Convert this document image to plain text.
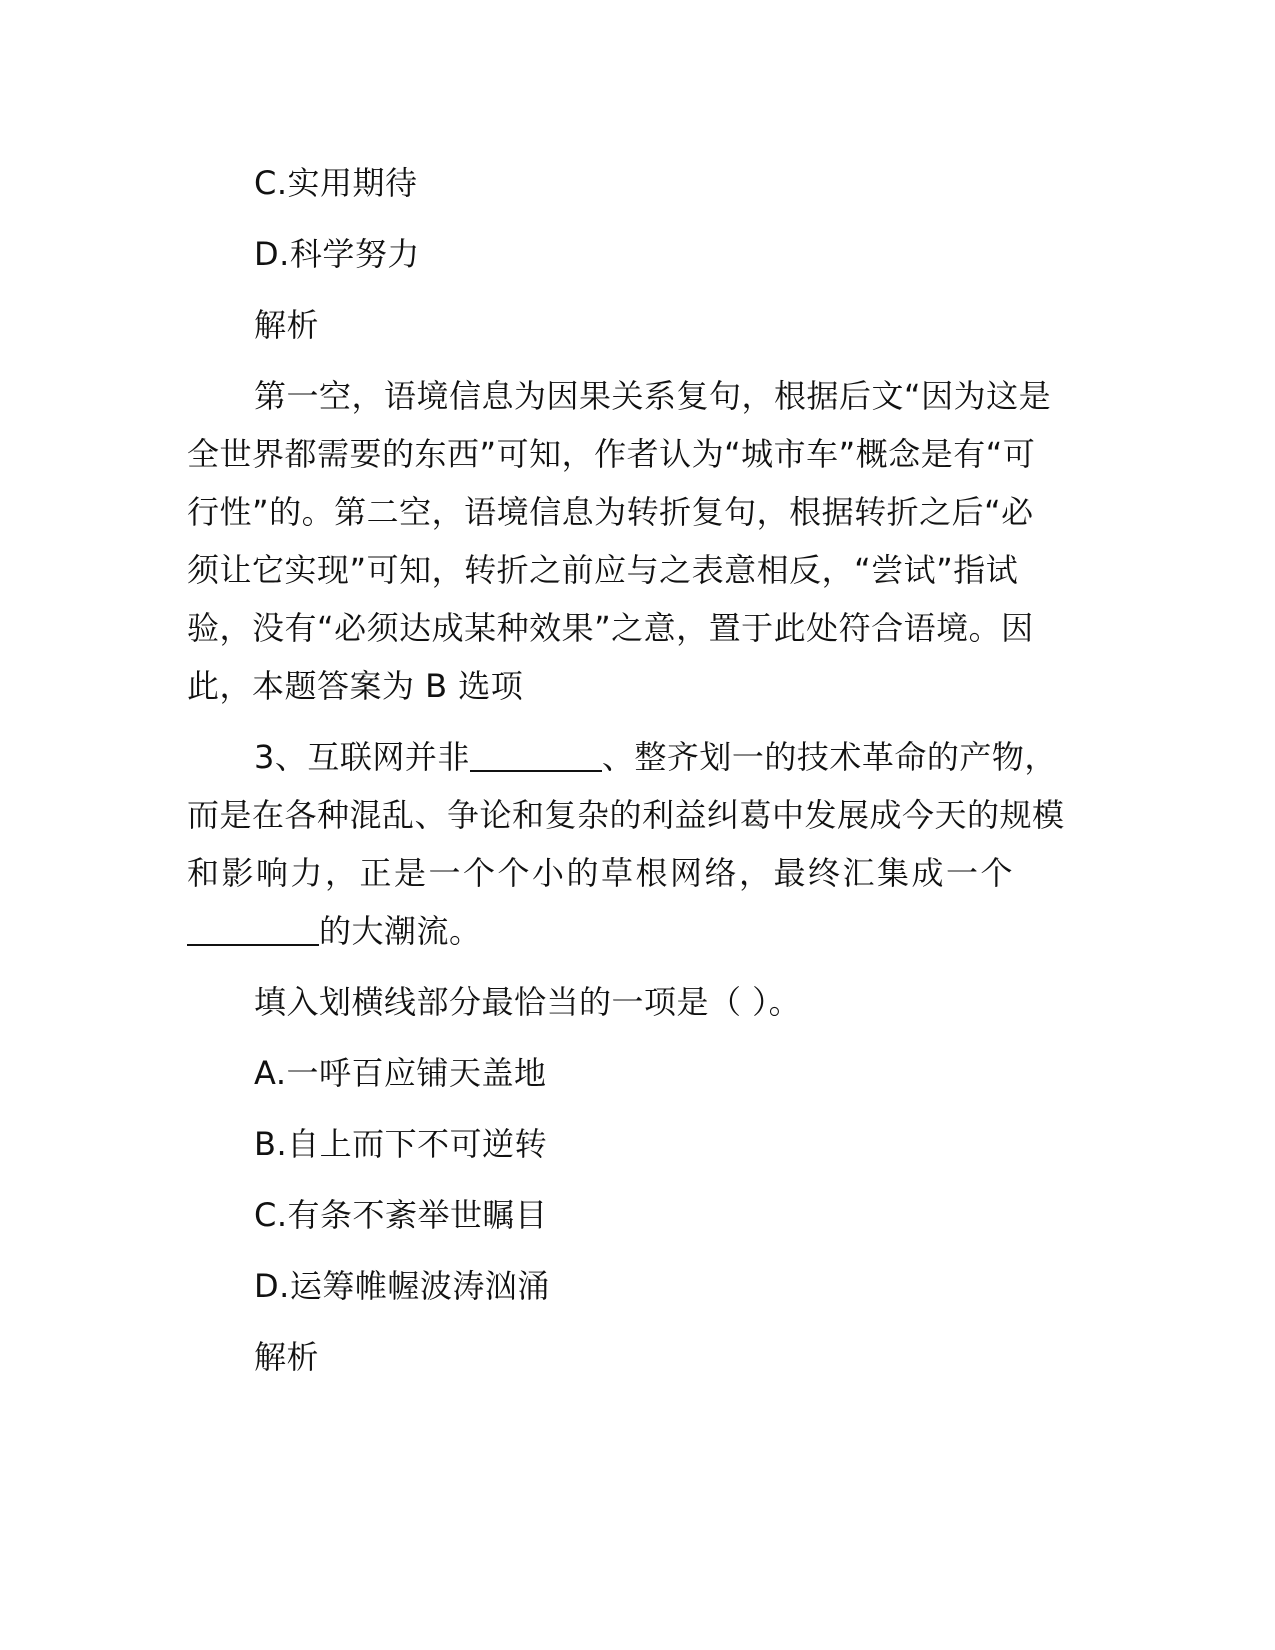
C.实用期待
D.科学努力
解析
第一空，语境信息为因果关系复句，根据后文“因为这是
全世界都需要的东西”可知，作者认为“城市车”概念是有“可
行性”的。第二空，语境信息为转折复句，根据转折之后“必
须让它实现”可知，转折之前应与之表意相反，“尝试”指试
验，没有“必须达成某种效果”之意，置于此处符合语境。因
此，本题答案为 B 选项
3、互联网并非	、整齐划一的技术革命的产物，
而是在各种混乱、争论和复杂的利益纠葛中发展成今天的规模
和影响力，正是一个个小的草根网络，最终汇集成一个
的大潮流。
填入划横线部分最恰当的一项是（ ）。
A.一呼百应铺天盖地
B.自上而下不可逆转
C.有条不紊举世瞩目
D.运筹帷幄波涛汹涌
解析
